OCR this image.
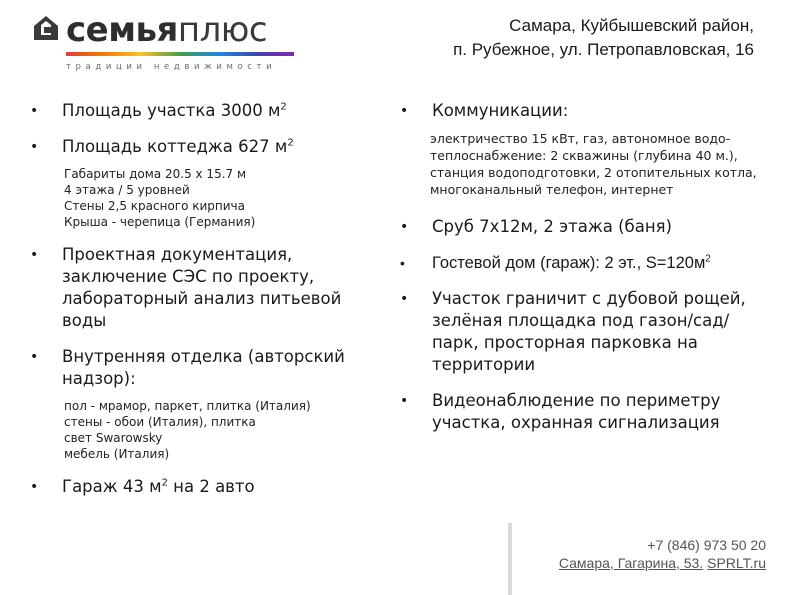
семьяплюс
традиции недвижимости
Самара, Куйбышевский район,
п. Рубежное, ул. Петропавловская, 16
• Площадь участка 3000 $м^2$
• Площадь коттеджа 627 $м^2$
Габариты дома 20.5 х 15.7 м
4 этажа / 5 уровней
Стены 2,5 красного кирпича
Крыша - черепица (Германия)
• Проектная документация, заключение СЭС по проекту, лабораторный анализ питьевой воды
• Внутренняя отделка (авторский надзор):
пол - мрамор, паркет, плитка (Италия)
стены - обои (Италия), плитка
свет Swarowsky
мебель (Италия)
• Гараж 43 $м^2$ на 2 авто
• Коммуникации:
электричество 15 кВт, газ, автономное водо- теплоснабжение: 2 скважины (глубина 40 м.), станция водоподготовки, 2 отопительных котла, многоканальный телефон, интернет
• Сруб 7х12м, 2 этажа (баня)
• Гостевой дом (гараж): 2 эт., $S=120м^2$
• Участок граничит с дубовой рощей, зелёная площадка под газон/сад/парк, просторная парковка на территории
• Видеонаблюдение по периметру участка, охранная сигнализация
+7 (846) 973 50 20
Самара, Гагарина, 53. SPRLT.ru
